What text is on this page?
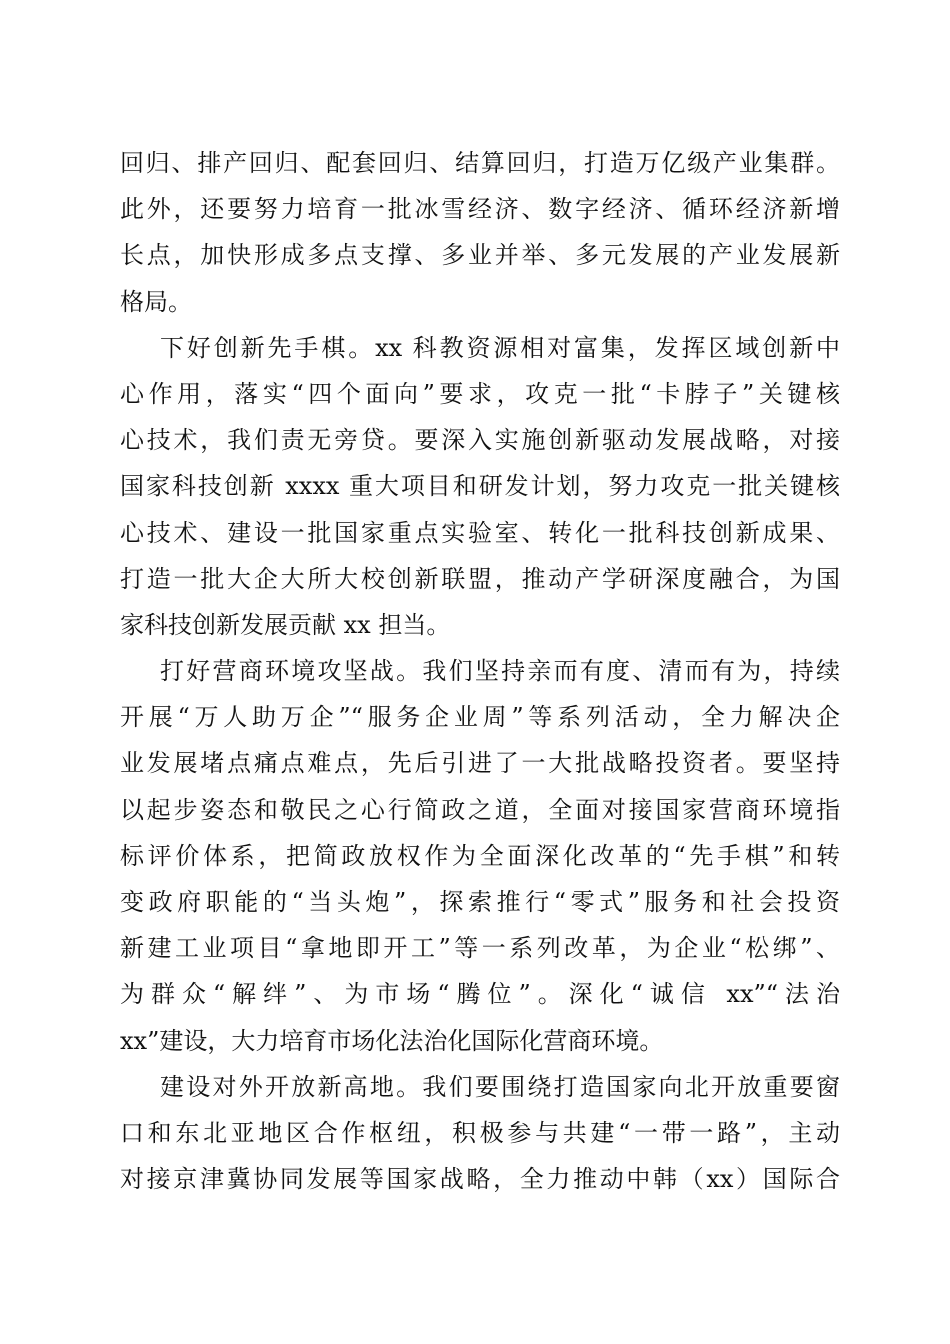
回归、排产回归、配套回归、结算回归，打造万亿级产业集群。
此外，还要努力培育一批冰雪经济、数字经济、循环经济新增
长点，加快形成多点支撑、多业并举、多元发展的产业发展新
格局。
下好创新先手棋。xx 科教资源相对富集，发挥区域创新中
心作用，落实“四个面向”要求，攻克一批“卡脖子”关键核
心技术，我们责无旁贷。要深入实施创新驱动发展战略，对接
国家科技创新 xxxx 重大项目和研发计划，努力攻克一批关键核
心技术、建设一批国家重点实验室、转化一批科技创新成果、
打造一批大企大所大校创新联盟，推动产学研深度融合，为国
家科技创新发展贡献 xx 担当。
打好营商环境攻坚战。我们坚持亲而有度、清而有为，持续
开展“万人助万企”“服务企业周”等系列活动，全力解决企
业发展堵点痛点难点，先后引进了一大批战略投资者。要坚持
以起步姿态和敬民之心行简政之道，全面对接国家营商环境指
标评价体系，把简政放权作为全面深化改革的“先手棋”和转
变政府职能的“当头炮”，探索推行“零式”服务和社会投资
新建工业项目“拿地即开工”等一系列改革，为企业“松绑”、
为群众“解绊”、为市场“腾位”。深化“诚信 xx”“法治
xx”建设，大力培育市场化法治化国际化营商环境。
建设对外开放新高地。我们要围绕打造国家向北开放重要窗
口和东北亚地区合作枢纽，积极参与共建“一带一路”，主动
对接京津冀协同发展等国家战略，全力推动中韩（xx）国际合
